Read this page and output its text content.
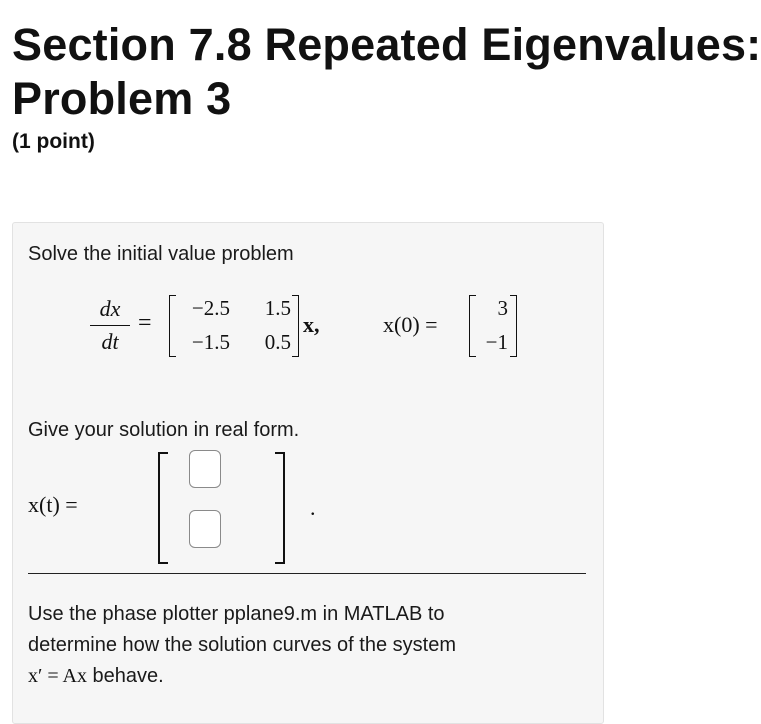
Section 7.8 Repeated Eigenvalues:
Problem 3
(1 point)
Solve the initial value problem
dx
dt
=
−2.5	1.5
−1.5	0.5
x,	x(0) =
3
−1
Give your solution in real form.
x(t) =	.
Use the phase plotter pplane9.m in MATLAB to
determine how the solution curves of the system
x′ = Ax behave.
